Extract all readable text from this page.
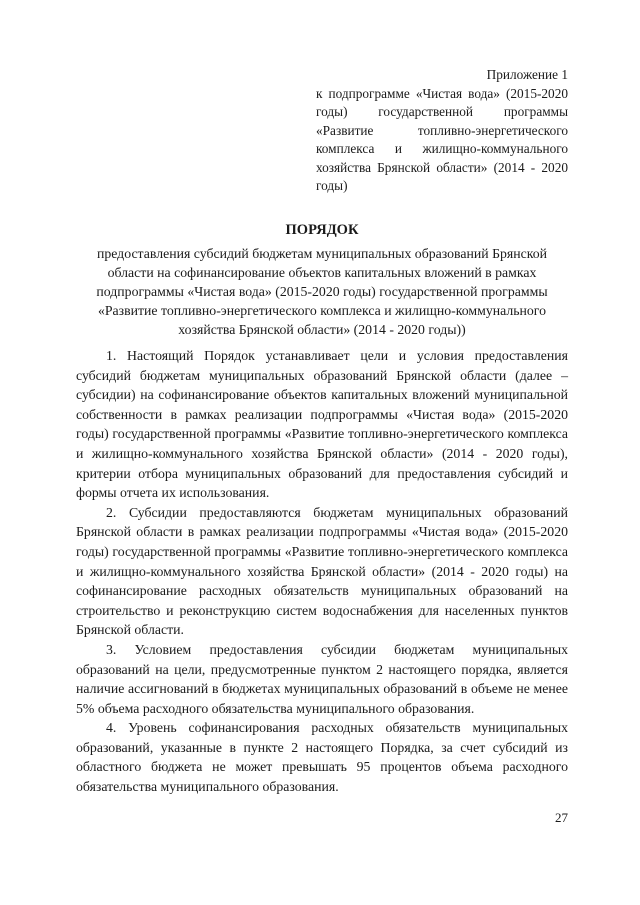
Приложение 1
к подпрограмме «Чистая вода» (2015-2020 годы) государственной программы «Развитие топливно-энергетического комплекса и жилищно-коммунального хозяйства Брянской области» (2014 - 2020
годы)
ПОРЯДОК
предоставления субсидий бюджетам муниципальных образований Брянской
области на софинансирование объектов капитальных вложений в рамках
подпрограммы «Чистая вода» (2015-2020 годы) государственной программы
«Развитие топливно-энергетического комплекса и жилищно-коммунального
хозяйства Брянской области» (2014 - 2020 годы))

1. Настоящий Порядок устанавливает цели и условия предоставления субсидий бюджетам муниципальных образований Брянской области (далее – субсидии) на софинансирование объектов капитальных вложений муниципальной собственности в рамках реализации подпрограммы «Чистая вода» (2015-2020 годы) государственной программы «Развитие топливно-энергетического комплекса и жилищно-коммунального хозяйства Брянской области» (2014 - 2020 годы), критерии отбора муниципальных образований для предоставления субсидий и формы отчета их использования.

2. Субсидии предоставляются бюджетам муниципальных образований Брянской области в рамках реализации подпрограммы «Чистая вода» (2015-2020 годы) государственной программы «Развитие топливно-энергетического комплекса и жилищно-коммунального хозяйства Брянской области» (2014 - 2020 годы) на софинансирование расходных обязательств муниципальных образований на строительство и реконструкцию систем водоснабжения для населенных пунктов Брянской области.

3. Условием предоставления субсидии бюджетам муниципальных образований на цели, предусмотренные пунктом 2 настоящего порядка, является наличие ассигнований в бюджетах муниципальных образований в объеме не менее 5% объема расходного обязательства муниципального образования.

4. Уровень софинансирования расходных обязательств муниципальных образований, указанные в пункте 2 настоящего Порядка, за счет субсидий из областного бюджета не может превышать 95 процентов объема расходного обязательства муниципального образования.

27
